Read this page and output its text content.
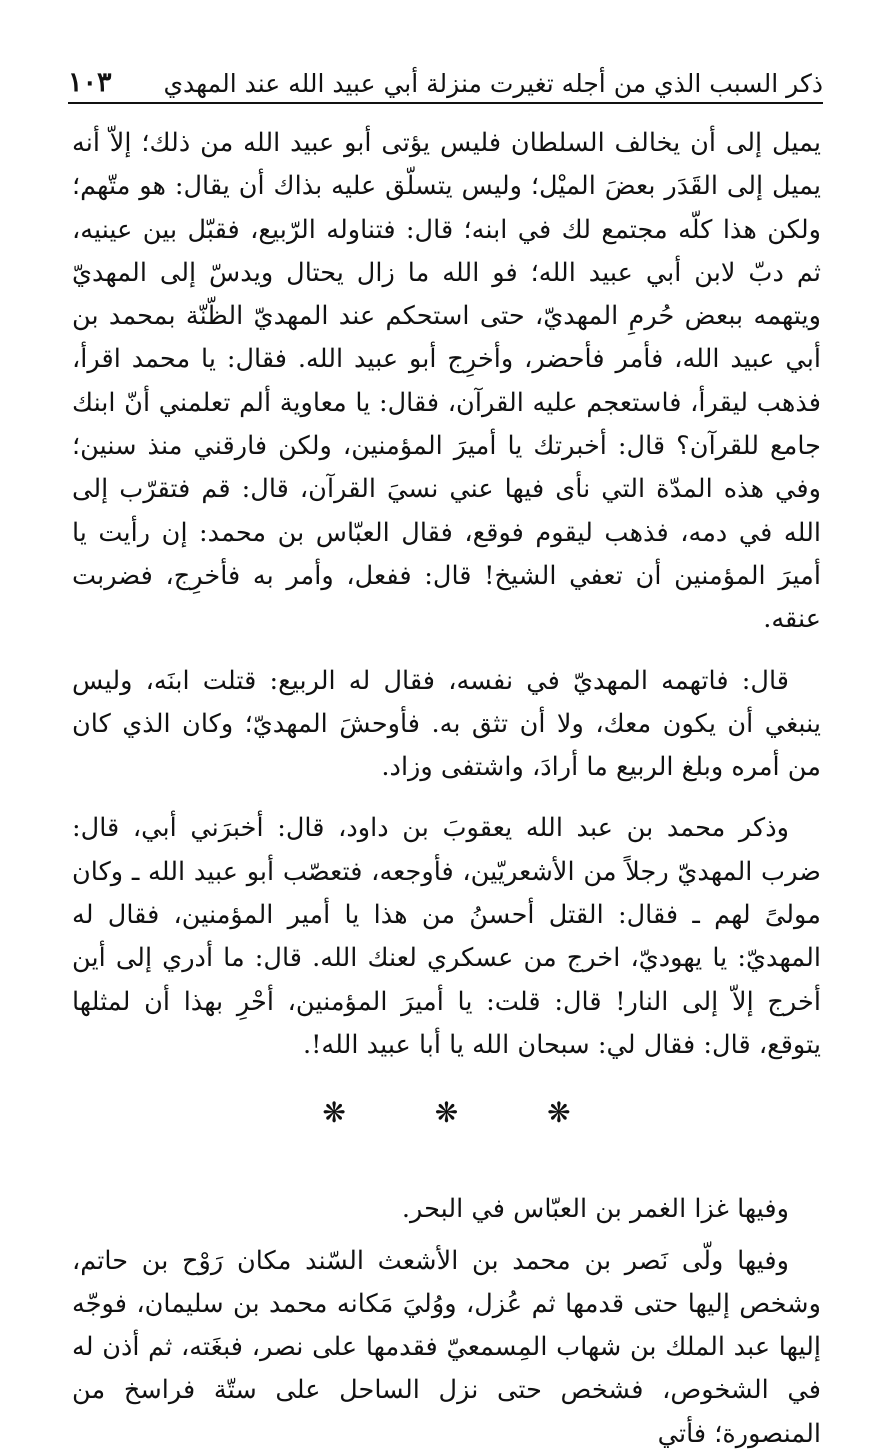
ذكر السبب الذي من أجله تغيرت منزلة أبي عبيد الله عند المهدي
١٠٣

يميل إلى أن يخالف السلطان فليس يؤتى أبو عبيد الله من ذلك؛ إلاّ أنه يميل إلى القَدَر بعضَ الميْل؛ وليس يتسلّق عليه بذاك أن يقال: هو متّهم؛ ولكن هذا كلّه مجتمع لك في ابنه؛ قال: فتناوله الرّبيع، فقبّل بين عينيه، ثم دبّ لابن أبي عبيد الله؛ فو الله ما زال يحتال ويدسّ إلى المهديّ ويتهمه ببعض حُرمِ المهديّ، حتى استحكم عند المهديّ الظّنّة بمحمد بن أبي عبيد الله، فأمر فأحضر، وأخرِج أبو عبيد الله. فقال: يا محمد اقرأ، فذهب ليقرأ، فاستعجم عليه القرآن، فقال: يا معاوية ألم تعلمني أنّ ابنك جامع للقرآن؟ قال: أخبرتك يا أميرَ المؤمنين، ولكن فارقني منذ سنين؛ وفي هذه المدّة التي نأى فيها عني نسيَ القرآن، قال: قم فتقرّب إلى الله في دمه، فذهب ليقوم فوقع، فقال العبّاس بن محمد: إن رأيت يا أميرَ المؤمنين أن تعفي الشيخ! قال: ففعل، وأمر به فأخرِج، فضربت عنقه.

قال: فاتهمه المهديّ في نفسه، فقال له الربيع: قتلت ابنَه، وليس ينبغي أن يكون معك، ولا أن تثق به. فأوحشَ المهديّ؛ وكان الذي كان من أمره وبلغ الربيع ما أرادَ، واشتفى وزاد.

وذكر محمد بن عبد الله يعقوبَ بن داود، قال: أخبرَني أبي، قال: ضرب المهديّ رجلاً من الأشعريّين، فأوجعه، فتعصّب أبو عبيد الله ـ وكان مولىً لهم ـ فقال: القتل أحسنُ من هذا يا أمير المؤمنين، فقال له المهديّ: يا يهوديّ، اخرج من عسكري لعنك الله. قال: ما أدري إلى أين أخرج إلاّ إلى النار! قال: قلت: يا أميرَ المؤمنين، أحْرِ بهذا أن لمثلها يتوقع، قال: فقال لي: سبحان الله يا أبا عبيد الله!.

❋ ❋ ❋

وفيها غزا الغمر بن العبّاس في البحر.

وفيها ولّى نَصر بن محمد بن الأشعث السّند مكان رَوْح بن حاتم، وشخص إليها حتى قدمها ثم عُزل، ووُليَ مَكانه محمد بن سليمان، فوجّه إليها عبد الملك بن شهاب المِسمعيّ فقدمها على نصر، فبغَته، ثم أذن له في الشخوص، فشخص حتى نزل الساحل على ستّة فراسخ من المنصورة؛ فأتي
